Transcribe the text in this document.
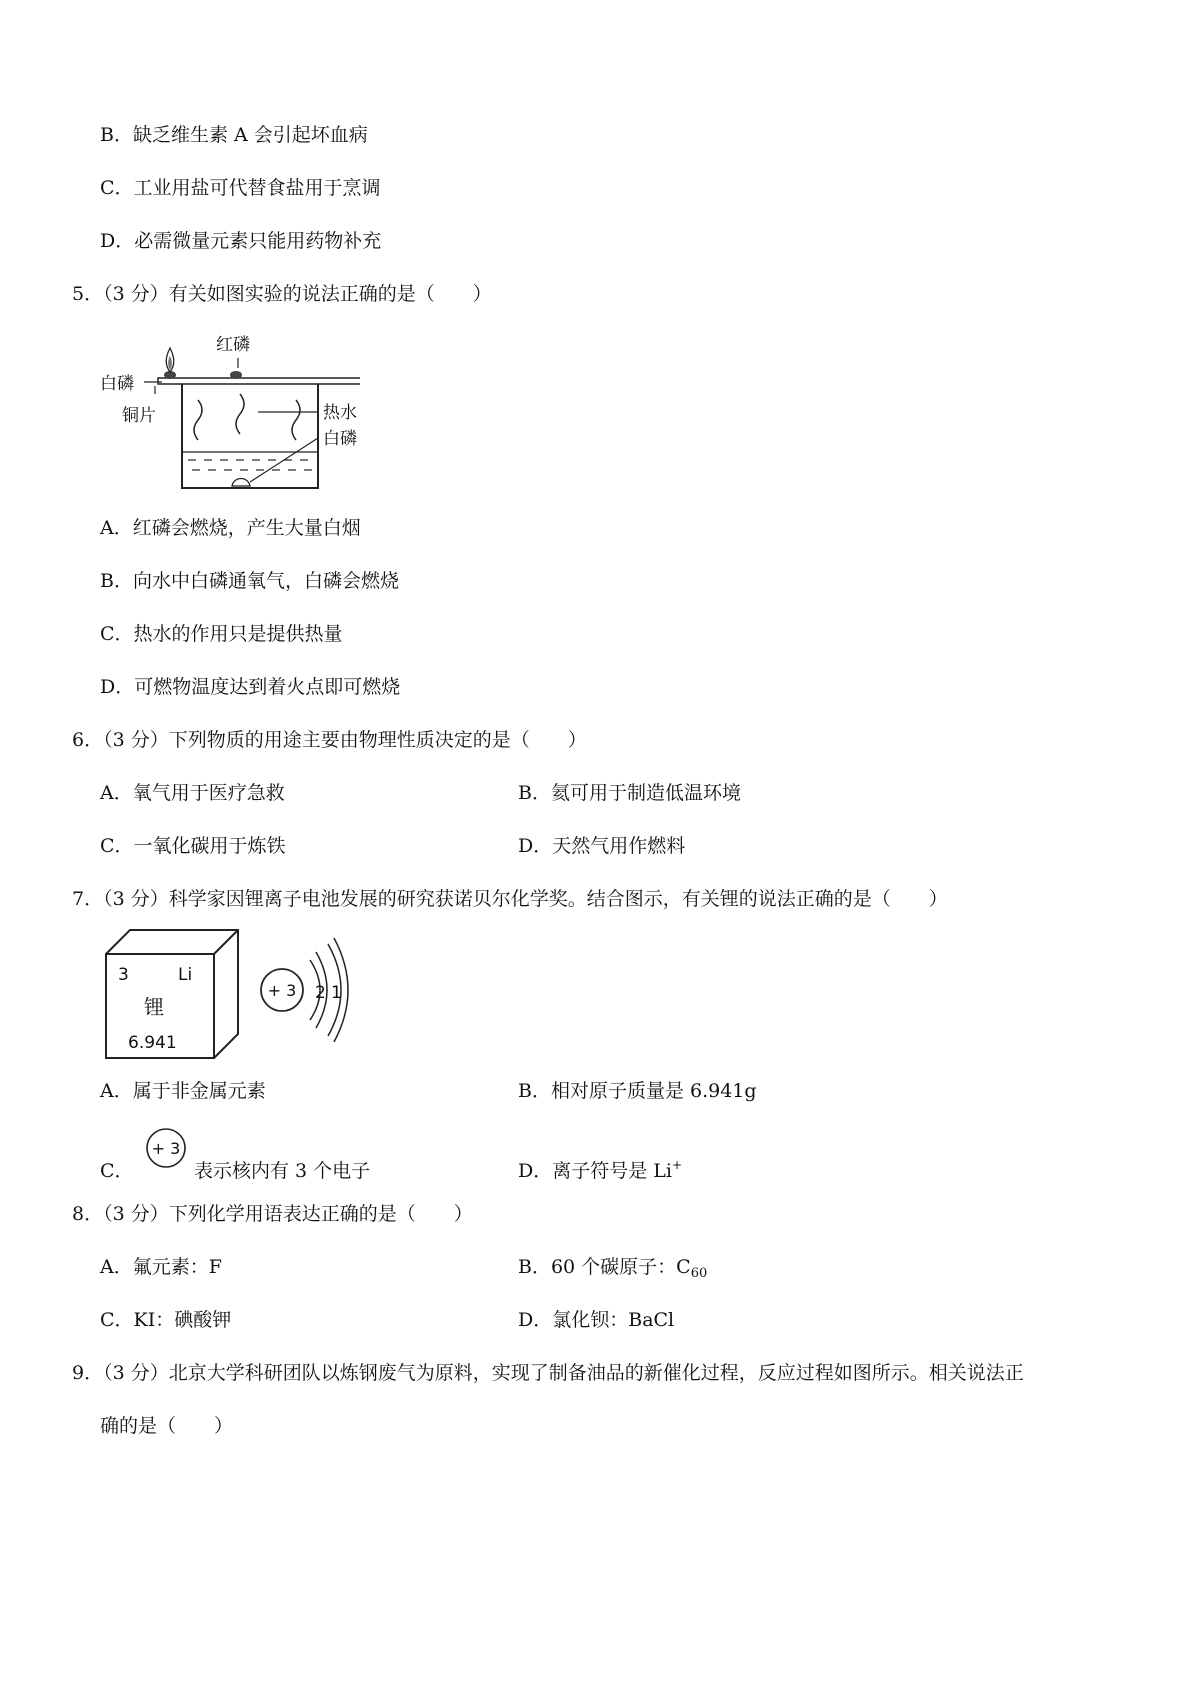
B．缺乏维生素 A 会引起坏血病
C．工业用盐可代替食盐用于烹调
D．必需微量元素只能用药物补充
5．（3 分）有关如图实验的说法正确的是（　　）
红磷
白磷
铜片	热水
白磷
A．红磷会燃烧，产生大量白烟
B．向水中白磷通氧气，白磷会燃烧
C．热水的作用只是提供热量
D．可燃物温度达到着火点即可燃烧
6．（3 分）下列物质的用途主要由物理性质决定的是（　　）
A．氧气用于医疗急救	B．氦可用于制造低温环境
C．一氧化碳用于炼铁	D．天然气用作燃料
7．（3 分）科学家因锂离子电池发展的研究获诺贝尔化学奖。结合图示，有关锂的说法正确的是（　　）
3	Li
锂
6.941
+ 3 2 1
A．属于非金属元素	B．相对原子质量是 6.941g
C．
+ 3
表示核内有 3 个电子	D．离子符号是 Li+
8．（3 分）下列化学用语表达正确的是（　　）
A．氟元素：F	B．60 个碳原子：$C_{60}$
C．KI：碘酸钾	D．氯化钡：BaCl
9．（3 分）北京大学科研团队以炼钢废气为原料，实现了制备油品的新催化过程，反应过程如图所示。相关说法正
确的是（　　）
